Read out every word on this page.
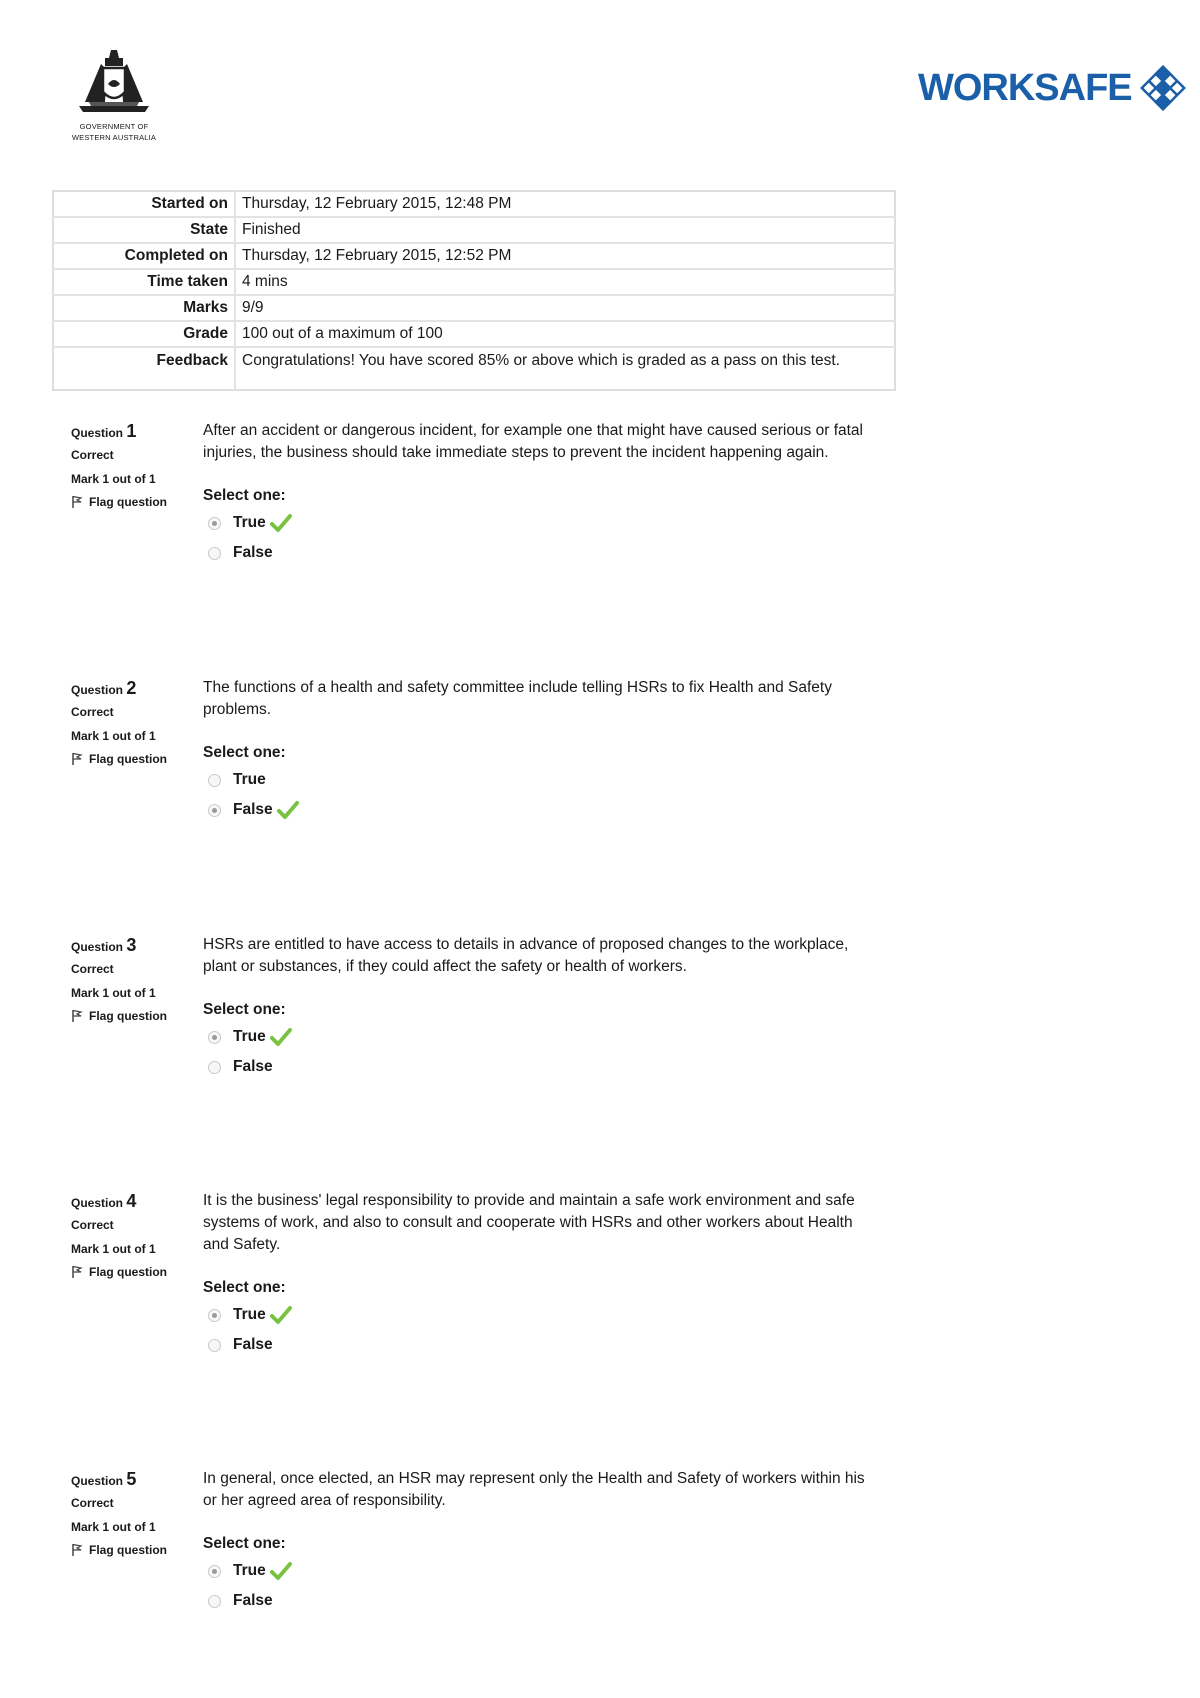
GOVERNMENT OF
WESTERN AUSTRALIA
WORKSAFE
Started on	Thursday, 12 February 2015, 12:48 PM
State	Finished
Completed on	Thursday, 12 February 2015, 12:52 PM
Time taken	4 mins
Marks	9/9
Grade	100 out of a maximum of 100
Feedback	Congratulations! You have scored 85% or above which is graded as a pass on this test.
Question 1
Correct
Mark 1 out of 1
Flag question
After an accident or dangerous incident, for example one that might have caused serious or fatal injuries, the business should take immediate steps to prevent the incident happening again.
Select one:
True
False
Question 2
Correct
Mark 1 out of 1
Flag question
The functions of a health and safety committee include telling HSRs to fix Health and Safety problems.
Select one:
True
False
Question 3
Correct
Mark 1 out of 1
Flag question
HSRs are entitled to have access to details in advance of proposed changes to the workplace, plant or substances, if they could affect the safety or health of workers.
Select one:
True
False
Question 4
Correct
Mark 1 out of 1
Flag question
It is the business' legal responsibility to provide and maintain a safe work environment and safe systems of work, and also to consult and cooperate with HSRs and other workers about Health and Safety.
Select one:
True
False
Question 5
Correct
Mark 1 out of 1
Flag question
In general, once elected, an HSR may represent only the Health and Safety of workers within his or her agreed area of responsibility.
Select one:
True
False
